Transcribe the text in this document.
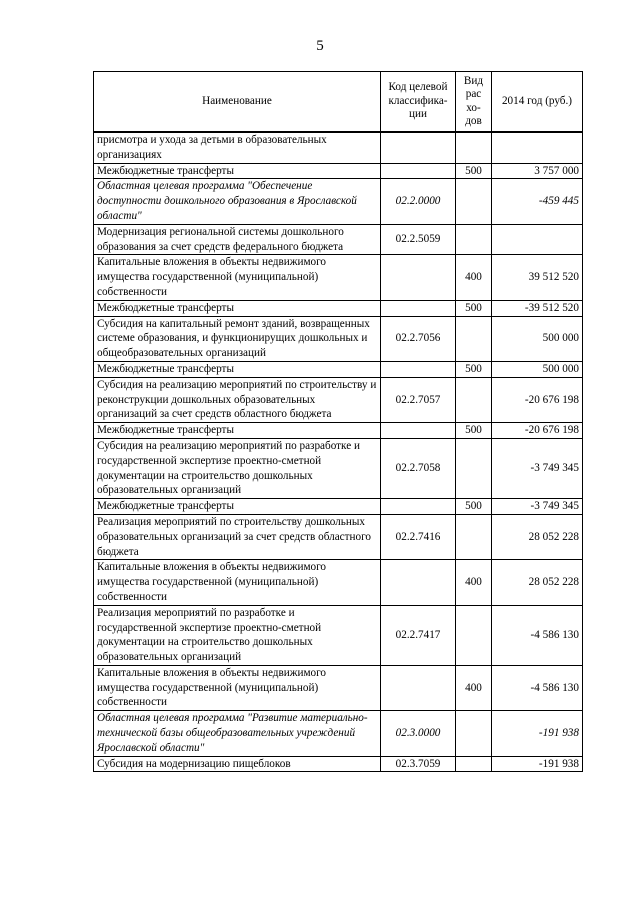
5
Наименование	Код целевой классифика-ции	Вид рас хо-дов	2014 год (руб.)
присмотра и ухода за детьми в образовательных организациях			
Межбюджетные трансферты		500	3 757 000
Областная целевая программа "Обеспечение доступности дошкольного образования в Ярославской области"	02.2.0000		-459 445
Модернизация региональной системы дошкольного образования за счет средств федерального бюджета	02.2.5059		
Капитальные вложения в объекты недвижимого имущества государственной (муниципальной) собственности		400	39 512 520
Межбюджетные трансферты		500	-39 512 520
Субсидия на капитальный ремонт зданий, возвращенных системе образования, и функционирущих дошкольных и общеобразовательных организаций	02.2.7056		500 000
Межбюджетные трансферты		500	500 000
Субсидия на реализацию мероприятий по строительству и реконструкции дошкольных образовательных организаций за счет средств областного бюджета	02.2.7057		-20 676 198
Межбюджетные трансферты		500	-20 676 198
Субсидия на реализацию мероприятий по разработке и государственной экспертизе проектно-сметной документации на строительство дошкольных образовательных организаций	02.2.7058		-3 749 345
Межбюджетные трансферты		500	-3 749 345
Реализация мероприятий по строительству дошкольных образовательных организаций за счет средств областного бюджета	02.2.7416		28 052 228
Капитальные вложения в объекты недвижимого имущества государственной (муниципальной) собственности		400	28 052 228
Реализация мероприятий по разработке и государственной экспертизе проектно-сметной документации на строительство дошкольных образовательных организаций	02.2.7417		-4 586 130
Капитальные вложения в объекты недвижимого имущества государственной (муниципальной) собственности		400	-4 586 130
Областная целевая программа "Развитие материально-технической базы общеобразовательных учреждений Ярославской области"	02.3.0000		-191 938
Субсидия на модернизацию пищеблоков	02.3.7059		-191 938
